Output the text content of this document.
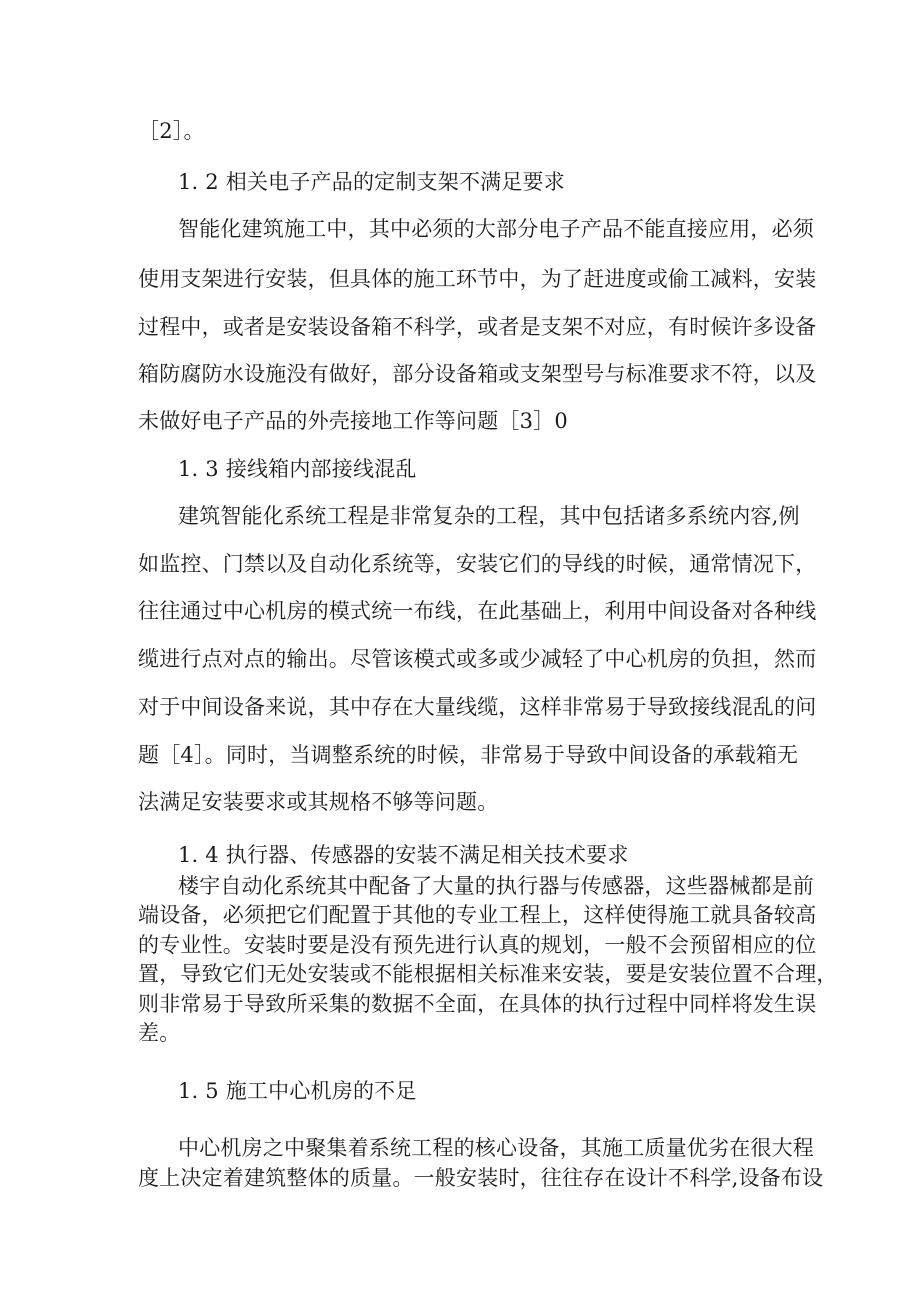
［2］。
1. 2 相关电子产品的定制支架不满足要求
智能化建筑施工中，其中必须的大部分电子产品不能直接应用，必须
使用支架进行安装，但具体的施工环节中，为了赶进度或偷工减料，安装
过程中，或者是安装设备箱不科学，或者是支架不对应，有时候许多设备
箱防腐防水设施没有做好，部分设备箱或支架型号与标准要求不符，以及
未做好电子产品的外壳接地工作等问题［3］0
1. 3 接线箱内部接线混乱
建筑智能化系统工程是非常复杂的工程，其中包括诸多系统内容,例
如监控、门禁以及自动化系统等，安装它们的导线的时候，通常情况下，
往往通过中心机房的模式统一布线，在此基础上，利用中间设备对各种线
缆进行点对点的输出。尽管该模式或多或少减轻了中心机房的负担，然而
对于中间设备来说，其中存在大量线缆，这样非常易于导致接线混乱的问
题［4］。同时，当调整系统的时候，非常易于导致中间设备的承载箱无
法满足安装要求或其规格不够等问题。
1. 4 执行器、传感器的安装不满足相关技术要求
楼宇自动化系统其中配备了大量的执行器与传感器，这些器械都是前
端设备，必须把它们配置于其他的专业工程上，这样使得施工就具备较高
的专业性。安装时要是没有预先进行认真的规划，一般不会预留相应的位
置，导致它们无处安装或不能根据相关标准来安装，要是安装位置不合理，
则非常易于导致所采集的数据不全面，在具体的执行过程中同样将发生误
差。
1. 5 施工中心机房的不足
中心机房之中聚集着系统工程的核心设备，其施工质量优劣在很大程
度上决定着建筑整体的质量。一般安装时，往往存在设计不科学,设备布设
